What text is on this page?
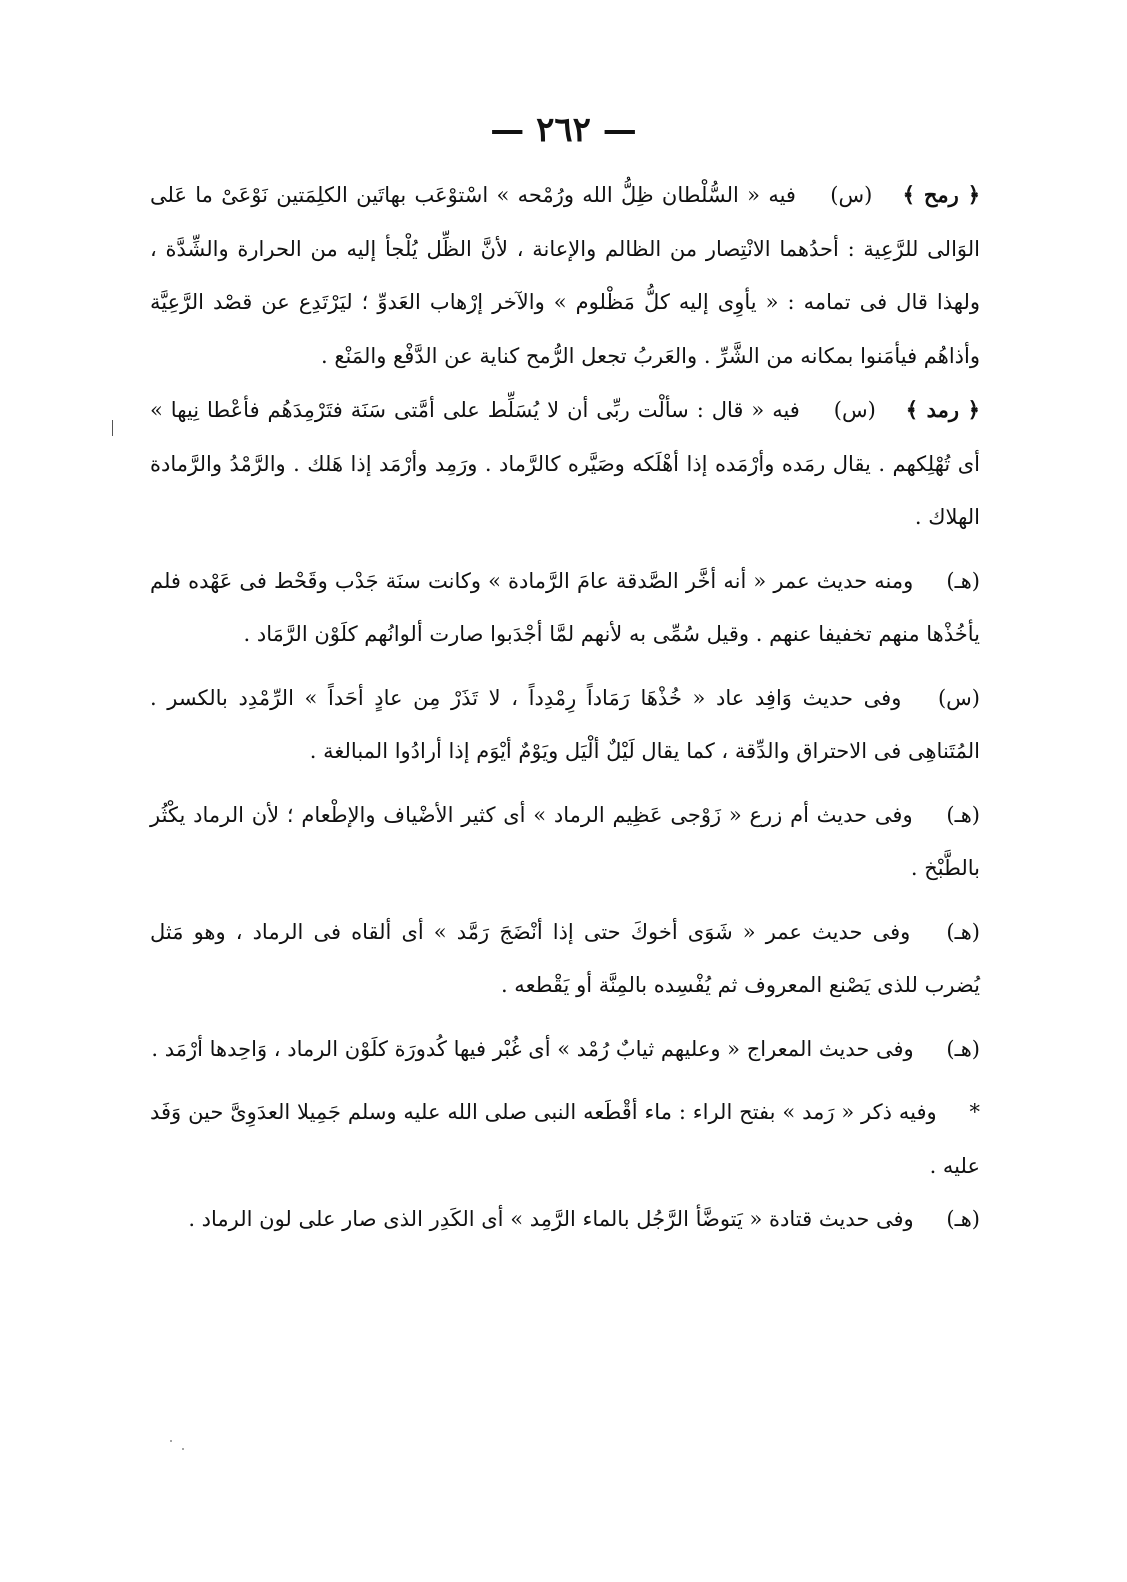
— ٢٦٢ —

﴿ رمح ﴾ (س) فيه « السُّلْطان ظِلُّ الله ورُمْحه » اسْتوْعَب بهاتَين الكلِمَتين نَوْعَىْ ما عَلى الوَالى للرَّعِية : أحدُهما الانْتِصار من الظالم والإعانة ، لأنَّ الظِّل يُلْجأ إليه من الحرارة والشِّدَّة ، ولهذا قال فى تمامه : « يأوِى إليه كلُّ مَظْلوم » والآخر إرْهاب العَدوِّ ؛ ليَرْتَدِع عن قصْد الرَّعِيَّة وأذاهُم فيأمَنوا بمكانه من الشَّرِّ . والعَربُ تجعل الرُّمح كناية عن الدَّفْع والمَنْع .

﴿ رمد ﴾ (س) فيه « قال : سألْت ربِّى أن لا يُسَلِّط على أمَّتى سَنَة فتَرْمِدَهُم فأعْطا نِيها » أى تُهْلِكهم . يقال رمَده وأرْمَده إذا أهْلَكه وصَيَّره كالرَّماد . ورَمِد وأرْمَد إذا هَلك . والرَّمْدُ والرَّمادة الهلاك .

(هـ) ومنه حديث عمر « أنه أخَّر الصَّدقة عامَ الرَّمادة » وكانت سنَة جَدْب وقَحْط فى عَهْده فلم يأخُذْها منهم تخفيفا عنهم . وقيل سُمِّى به لأنهم لمَّا أجْدَبوا صارت ألوانُهم كلَوْن الرَّمَاد .

(س) وفى حديث وَافِد عاد « خُذْهَا رَمَاداً رِمْدِداً ، لا تَذَرْ مِن عادٍ أحَداً » الرِّمْدِد بالكسر . المُتَناهِى فى الاحتراق والدِّقة ، كما يقال لَيْلٌ ألْيَل ويَوْمٌ أيْوَم إذا أرادُوا المبالغة .

(هـ) وفى حديث أم زرع « زَوْجى عَظِيم الرماد » أى كثير الأضْياف والإطْعام ؛ لأن الرماد يكْثُر بالطَّبْخ .

(هـ) وفى حديث عمر « شَوَى أخوكَ حتى إذا أنْضَجَ رَمَّد » أى ألقاه فى الرماد ، وهو مَثل يُضرب للذى يَصْنع المعروف ثم يُفْسِده بالمِنَّة أو يَقْطعه .

(هـ) وفى حديث المعراج « وعليهم ثيابٌ رُمْد » أى غُبْر فيها كُدورَة كلَوْن الرماد ، وَاحِدها أرْمَد .

* وفيه ذكر « رَمد » بفتح الراء : ماء أقْطَعه النبى صلى الله عليه وسلم جَمِيلا العدَوِىَّ حين وَفَد عليه .

(هـ) وفى حديث قتادة « يَتوضَّأ الرَّجُل بالماء الرَّمِد » أى الكَدِر الذى صار على لون الرماد .
